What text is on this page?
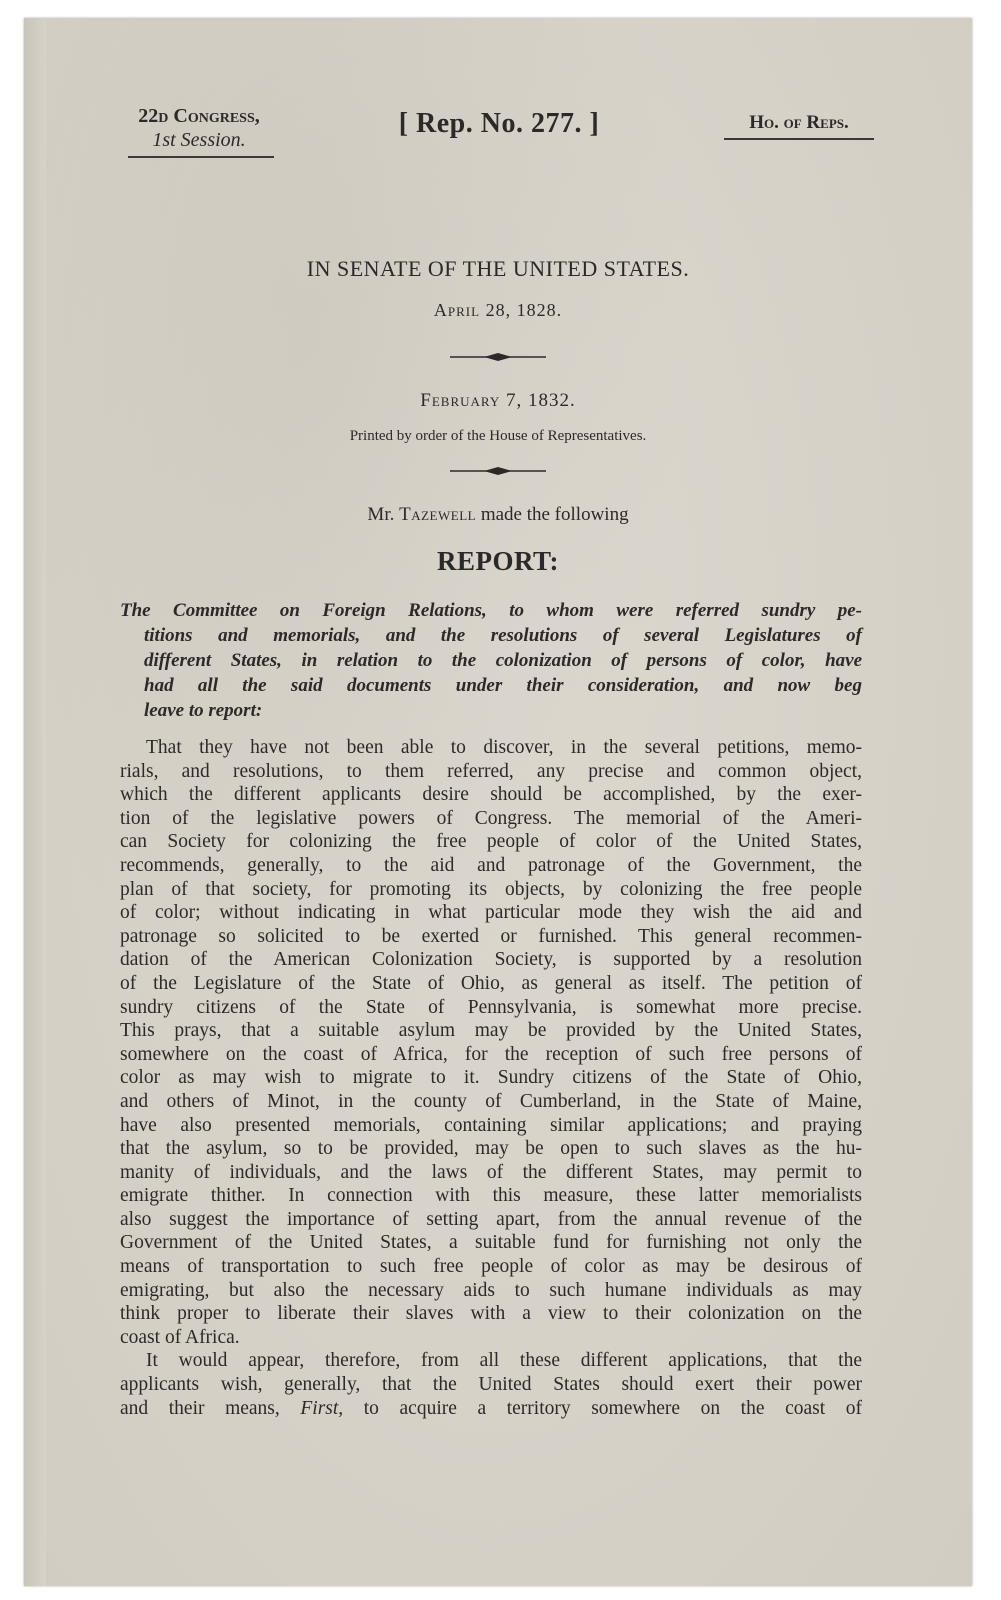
22d Congress,
1st Session.
[ Rep. No. 277. ]	Ho. of Reps.
IN SENATE OF THE UNITED STATES.
April 28, 1828.
February 7, 1832.
Printed by order of the House of Representatives.
Mr. Tazewell made the following
REPORT:
The Committee on Foreign Relations, to whom were referred sundry pe-
titions and memorials, and the resolutions of several Legislatures of
different States, in relation to the colonization of persons of color, have
had all the said documents under their consideration, and now beg
leave to report:
That they have not been able to discover, in the several petitions, memo-
rials, and resolutions, to them referred, any precise and common object,
which the different applicants desire should be accomplished, by the exer-
tion of the legislative powers of Congress. The memorial of the Ameri-
can Society for colonizing the free people of color of the United States,
recommends, generally, to the aid and patronage of the Government, the
plan of that society, for promoting its objects, by colonizing the free people
of color; without indicating in what particular mode they wish the aid and
patronage so solicited to be exerted or furnished. This general recommen-
dation of the American Colonization Society, is supported by a resolution
of the Legislature of the State of Ohio, as general as itself. The petition of
sundry citizens of the State of Pennsylvania, is somewhat more precise.
This prays, that a suitable asylum may be provided by the United States,
somewhere on the coast of Africa, for the reception of such free persons of
color as may wish to migrate to it. Sundry citizens of the State of Ohio,
and others of Minot, in the county of Cumberland, in the State of Maine,
have also presented memorials, containing similar applications; and praying
that the asylum, so to be provided, may be open to such slaves as the hu-
manity of individuals, and the laws of the different States, may permit to
emigrate thither. In connection with this measure, these latter memorialists
also suggest the importance of setting apart, from the annual revenue of the
Government of the United States, a suitable fund for furnishing not only the
means of transportation to such free people of color as may be desirous of
emigrating, but also the necessary aids to such humane individuals as may
think proper to liberate their slaves with a view to their colonization on the
coast of Africa.
It would appear, therefore, from all these different applications, that the
applicants wish, generally, that the United States should exert their power
and their means, First, to acquire a territory somewhere on the coast of
